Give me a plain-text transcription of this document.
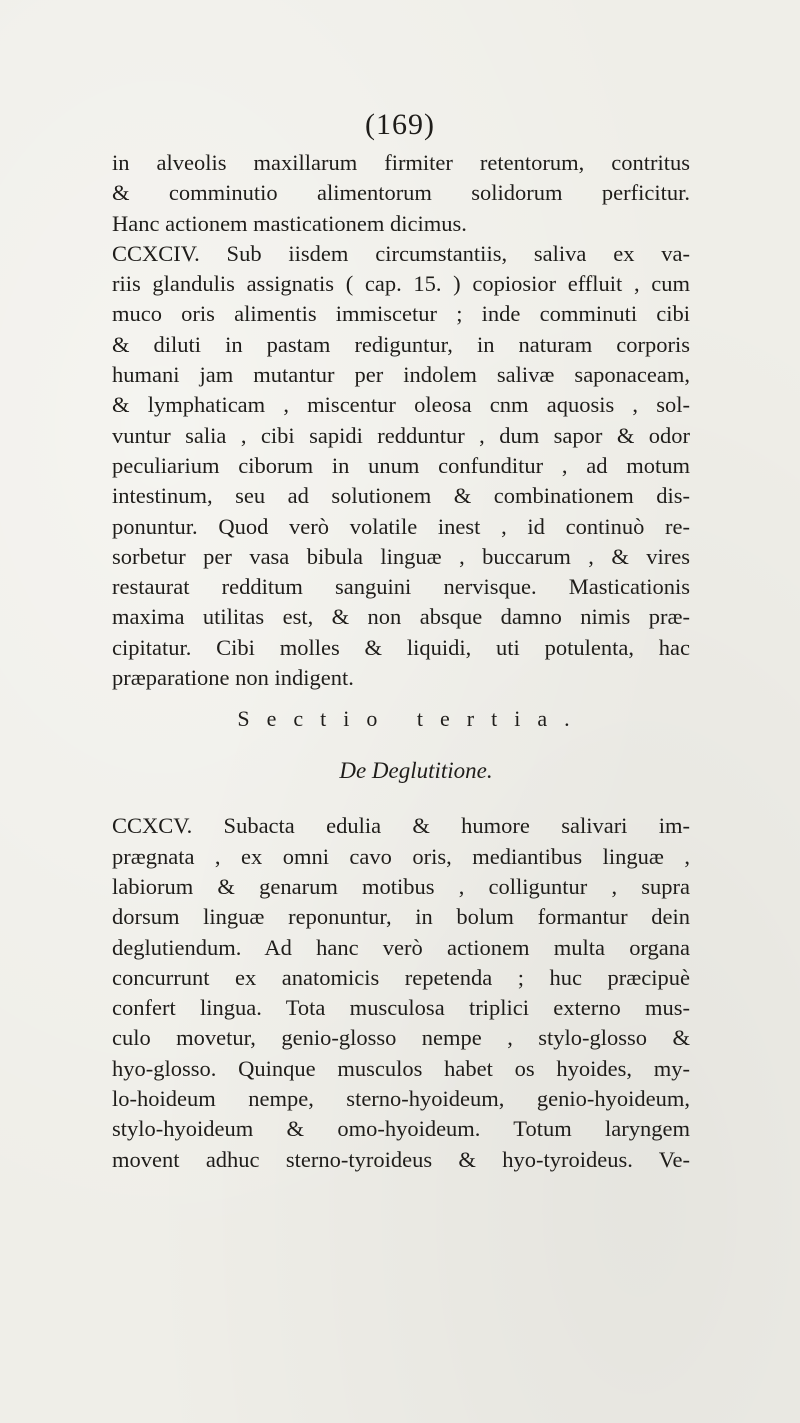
(169)
in alveolis maxillarum firmiter retentorum, contritus
& comminutio alimentorum solidorum perficitur.
Hanc actionem masticationem dicimus.
CCXCIV. Sub iisdem circumstantiis, saliva ex va-
riis glandulis assignatis ( cap. 15. ) copiosior effluit , cum
muco oris alimentis immiscetur ; inde comminuti cibi
& diluti in pastam rediguntur, in naturam corporis
humani jam mutantur per indolem salivæ saponaceam,
& lymphaticam , miscentur oleosa cnm aquosis , sol-
vuntur salia , cibi sapidi redduntur , dum sapor & odor
peculiarium ciborum in unum confunditur , ad motum
intestinum, seu ad solutionem & combinationem dis-
ponuntur. Quod verò volatile inest , id continuò re-
sorbetur per vasa bibula linguæ , buccarum , & vires
restaurat redditum sanguini nervisque. Masticationis
maxima utilitas est, & non absque damno nimis præ-
cipitatur. Cibi molles & liquidi, uti potulenta, hac
præparatione non indigent.
Sectio tertia.
De Deglutitione.
CCXCV. Subacta edulia & humore salivari im-
prægnata , ex omni cavo oris, mediantibus linguæ ,
labiorum & genarum motibus , colliguntur , supra
dorsum linguæ reponuntur, in bolum formantur dein
deglutiendum. Ad hanc verò actionem multa organa
concurrunt ex anatomicis repetenda ; huc præcipuè
confert lingua. Tota musculosa triplici externo mus-
culo movetur, genio-glosso nempe , stylo-glosso &
hyo-glosso. Quinque musculos habet os hyoides, my-
lo-hoideum nempe, sterno-hyoideum, genio-hyoideum,
stylo-hyoideum & omo-hyoideum. Totum laryngem
movent adhuc sterno-tyroideus & hyo-tyroideus. Ve-
